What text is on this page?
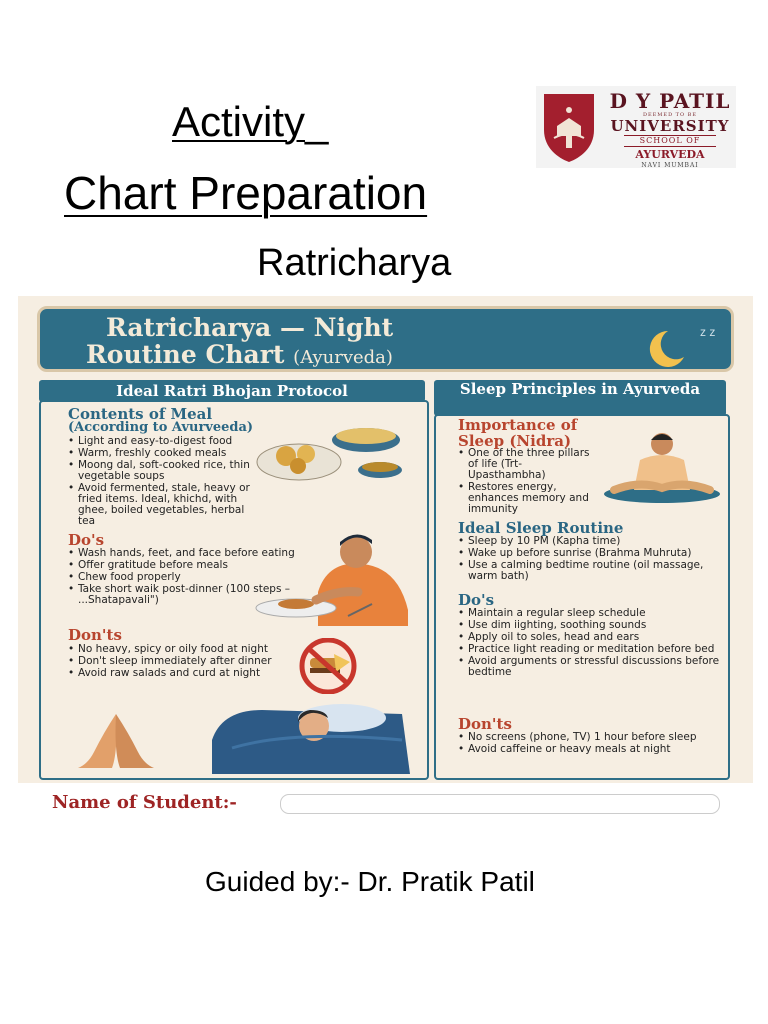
Activity_
Chart Preparation
Ratricharya
D Y PATIL
DEEMED TO BE
UNIVERSITY
SCHOOL OF
AYURVEDA
NAVI MUMBAI
Ratricharya — Night
Routine Chart (Ayurveda)
z z
Ideal Ratri Bhojan Protocol
Contents of Meal
(According to Avurveeda)
• Light and easy-to-digest food
• Warm, freshly cooked meals
• Moong dal, soft-cooked rice, thin vegetable soups
• Avoid fermented, stale, heavy or fried items. Ideal, khichd, with ghee, boiled vegetables, herbal tea
Do's
• Wash hands, feet, and face before eating
• Offer gratitude before meals
• Chew food properly
• Take short waik post-dinner (100 steps – ...Shatapavali")
Don'ts
• No heavy, spicy or oily food at night
• Don't sleep immediately after dinner
• Avoid raw salads and curd at night
Sleep Principles in Ayurveda
Importance of Sleep (Nidra)
• One of the three pillars of life (Trt-Upasthambha)
• Restores energy, enhances memory and immunity
Ideal Sleep Routine
• Sleep by 10 PM (Kapha time)
• Wake up before sunrise (Brahma Muhruta)
• Use a calming bedtime routine (oil massage, warm bath)
Do's
• Maintain a regular sleep schedule
• Use dim iighting, soothing sounds
• Apply oil to soles, head and ears
• Practice light reading or meditation before bed
• Avoid arguments or stressful discussions before bedtime
Don'ts
• No screens (phone, TV) 1 hour before sleep
• Avoid caffeine or heavy meals at night
Name of Student:-
Guided by:- Dr. Pratik Patil
